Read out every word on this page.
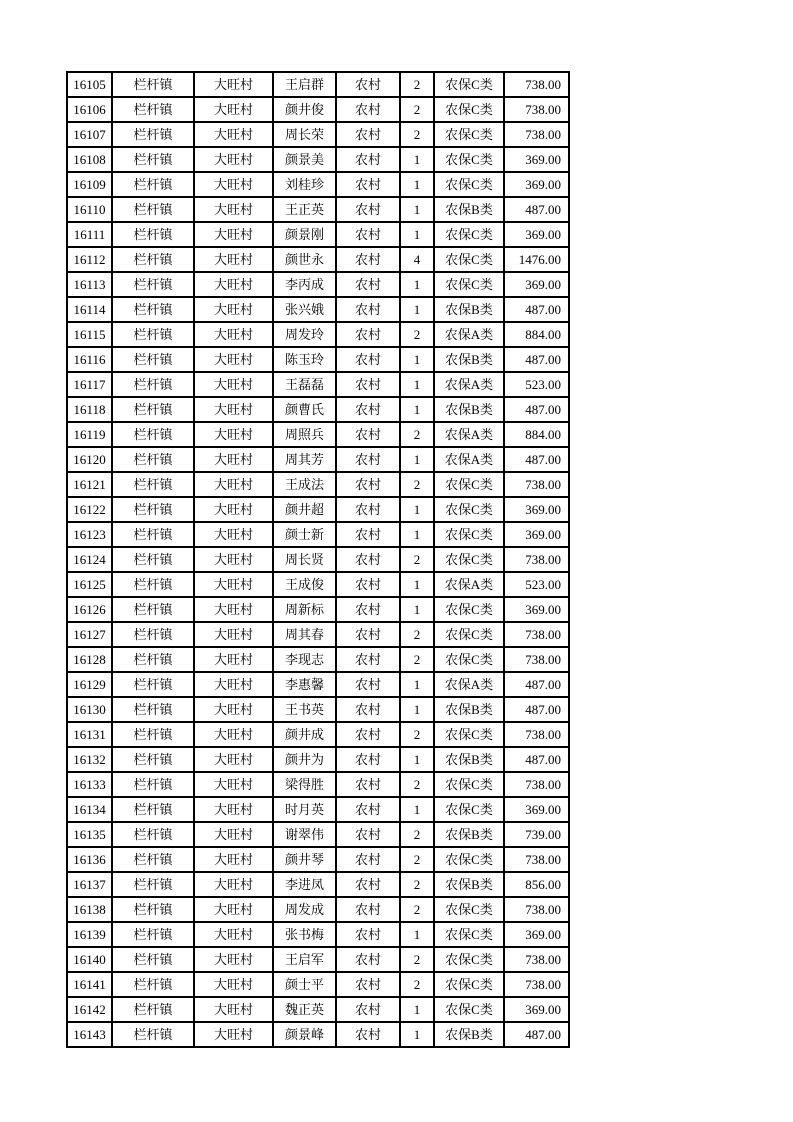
16105	栏杆镇	大旺村	王启群	农村	2	农保C类	738.00
16106	栏杆镇	大旺村	颜井俊	农村	2	农保C类	738.00
16107	栏杆镇	大旺村	周长荣	农村	2	农保C类	738.00
16108	栏杆镇	大旺村	颜景美	农村	1	农保C类	369.00
16109	栏杆镇	大旺村	刘桂珍	农村	1	农保C类	369.00
16110	栏杆镇	大旺村	王正英	农村	1	农保B类	487.00
16111	栏杆镇	大旺村	颜景刚	农村	1	农保C类	369.00
16112	栏杆镇	大旺村	颜世永	农村	4	农保C类	1476.00
16113	栏杆镇	大旺村	李丙成	农村	1	农保C类	369.00
16114	栏杆镇	大旺村	张兴娥	农村	1	农保B类	487.00
16115	栏杆镇	大旺村	周发玲	农村	2	农保A类	884.00
16116	栏杆镇	大旺村	陈玉玲	农村	1	农保B类	487.00
16117	栏杆镇	大旺村	王磊磊	农村	1	农保A类	523.00
16118	栏杆镇	大旺村	颜曹氏	农村	1	农保B类	487.00
16119	栏杆镇	大旺村	周照兵	农村	2	农保A类	884.00
16120	栏杆镇	大旺村	周其芳	农村	1	农保A类	487.00
16121	栏杆镇	大旺村	王成法	农村	2	农保C类	738.00
16122	栏杆镇	大旺村	颜井超	农村	1	农保C类	369.00
16123	栏杆镇	大旺村	颜士新	农村	1	农保C类	369.00
16124	栏杆镇	大旺村	周长贤	农村	2	农保C类	738.00
16125	栏杆镇	大旺村	王成俊	农村	1	农保A类	523.00
16126	栏杆镇	大旺村	周新标	农村	1	农保C类	369.00
16127	栏杆镇	大旺村	周其春	农村	2	农保C类	738.00
16128	栏杆镇	大旺村	李现志	农村	2	农保C类	738.00
16129	栏杆镇	大旺村	李惠馨	农村	1	农保A类	487.00
16130	栏杆镇	大旺村	王书英	农村	1	农保B类	487.00
16131	栏杆镇	大旺村	颜井成	农村	2	农保C类	738.00
16132	栏杆镇	大旺村	颜井为	农村	1	农保B类	487.00
16133	栏杆镇	大旺村	梁得胜	农村	2	农保C类	738.00
16134	栏杆镇	大旺村	时月英	农村	1	农保C类	369.00
16135	栏杆镇	大旺村	谢翠伟	农村	2	农保B类	739.00
16136	栏杆镇	大旺村	颜井琴	农村	2	农保C类	738.00
16137	栏杆镇	大旺村	李进凤	农村	2	农保B类	856.00
16138	栏杆镇	大旺村	周发成	农村	2	农保C类	738.00
16139	栏杆镇	大旺村	张书梅	农村	1	农保C类	369.00
16140	栏杆镇	大旺村	王启军	农村	2	农保C类	738.00
16141	栏杆镇	大旺村	颜士平	农村	2	农保C类	738.00
16142	栏杆镇	大旺村	魏正英	农村	1	农保C类	369.00
16143	栏杆镇	大旺村	颜景峰	农村	1	农保B类	487.00
